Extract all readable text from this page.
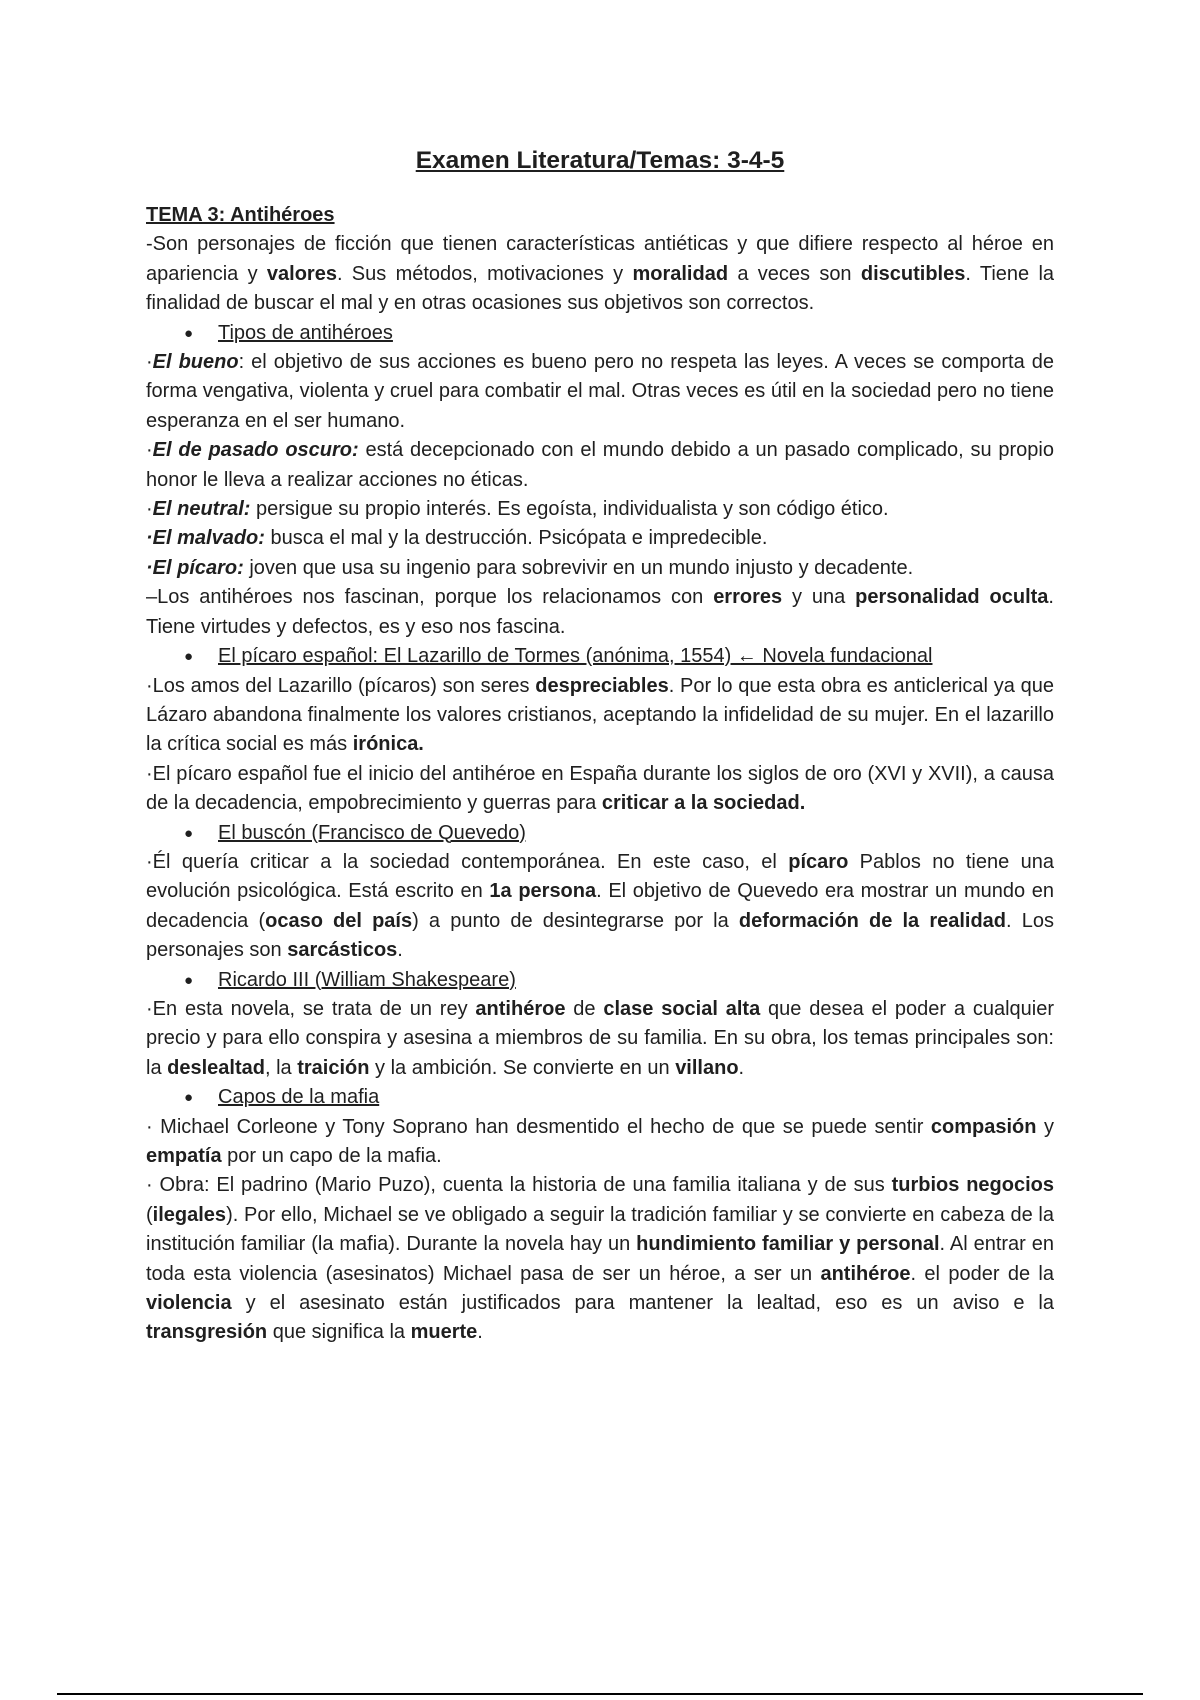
Examen Literatura/Temas: 3-4-5
TEMA 3: Antihéroes

-Son personajes de ficción que tienen características antiéticas y que difiere respecto al héroe en apariencia y valores. Sus métodos, motivaciones y moralidad a veces son discutibles. Tiene la finalidad de buscar el mal y en otras ocasiones sus objetivos son correctos.

● Tipos de antihéroes

·El bueno: el objetivo de sus acciones es bueno pero no respeta las leyes. A veces se comporta de forma vengativa, violenta y cruel para combatir el mal. Otras veces es útil en la sociedad pero no tiene esperanza en el ser humano.

·El de pasado oscuro: está decepcionado con el mundo debido a un pasado complicado, su propio honor le lleva a realizar acciones no éticas.

·El neutral: persigue su propio interés. Es egoísta, individualista y son código ético.

·El malvado: busca el mal y la destrucción. Psicópata e impredecible.

·El pícaro: joven que usa su ingenio para sobrevivir en un mundo injusto y decadente.

–Los antihéroes nos fascinan, porque los relacionamos con errores y una personalidad oculta. Tiene virtudes y defectos, es y eso nos fascina.

● El pícaro español: El Lazarillo de Tormes (anónima, 1554) ← Novela fundacional

·Los amos del Lazarillo (pícaros) son seres despreciables. Por lo que esta obra es anticlerical ya que Lázaro abandona finalmente los valores cristianos, aceptando la infidelidad de su mujer. En el lazarillo la crítica social es más irónica.

·El pícaro español fue el inicio del antihéroe en España durante los siglos de oro (XVI y XVII), a causa de la decadencia, empobrecimiento y guerras para criticar a la sociedad.

● El buscón (Francisco de Quevedo)

·Él quería criticar a la sociedad contemporánea. En este caso, el pícaro Pablos no tiene una evolución psicológica. Está escrito en 1a persona. El objetivo de Quevedo era mostrar un mundo en decadencia (ocaso del país) a punto de desintegrarse por la deformación de la realidad. Los personajes son sarcásticos.

● Ricardo III (William Shakespeare)

·En esta novela, se trata de un rey antihéroe de clase social alta que desea el poder a cualquier precio y para ello conspira y asesina a miembros de su familia. En su obra, los temas principales son: la deslealtad, la traición y la ambición. Se convierte en un villano.

● Capos de la mafia

· Michael Corleone y Tony Soprano han desmentido el hecho de que se puede sentir compasión y empatía por un capo de la mafia.

· Obra: El padrino (Mario Puzo), cuenta la historia de una familia italiana y de sus turbios negocios (ilegales). Por ello, Michael se ve obligado a seguir la tradición familiar y se convierte en cabeza de la institución familiar (la mafia). Durante la novela hay un hundimiento familiar y personal. Al entrar en toda esta violencia (asesinatos) Michael pasa de ser un héroe, a ser un antihéroe. el poder de la violencia y el asesinato están justificados para mantener la lealtad, eso es un aviso e la transgresión que significa la muerte.
